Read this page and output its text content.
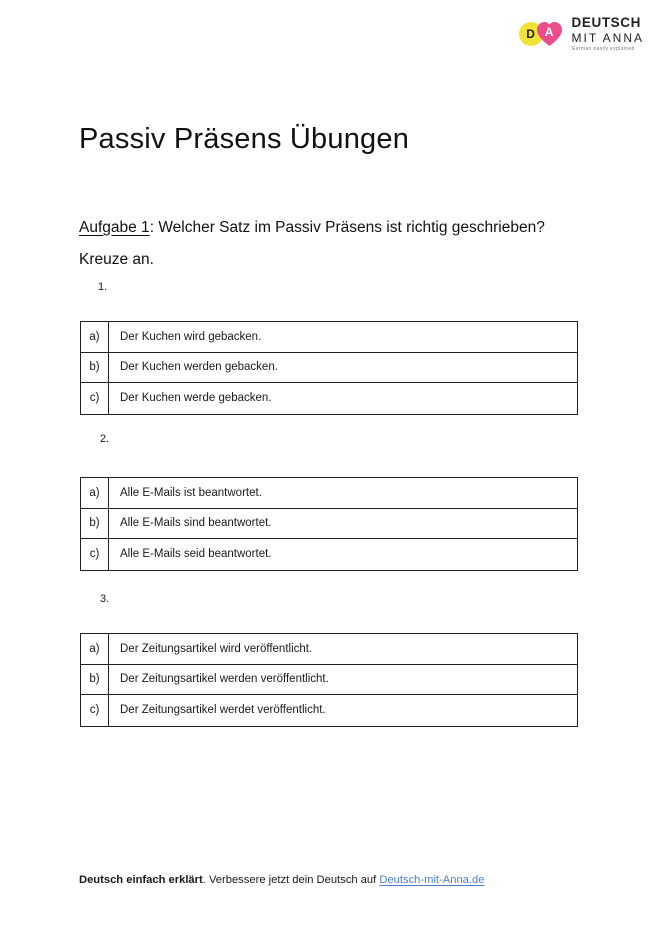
D A
DEUTSCH
MIT ANNA
German easily explained
Passiv Präsens Übungen

Aufgabe 1: Welcher Satz im Passiv Präsens ist richtig geschrieben? Kreuze an.

1.
a)	Der Kuchen wird gebacken.
b)	Der Kuchen werden gebacken.
c)	Der Kuchen werde gebacken.
2.
a)	Alle E-Mails ist beantwortet.
b)	Alle E-Mails sind beantwortet.
c)	Alle E-Mails seid beantwortet.
3.
a)	Der Zeitungsartikel wird veröffentlicht.
b)	Der Zeitungsartikel werden veröffentlicht.
c)	Der Zeitungsartikel werdet veröffentlicht.
Deutsch einfach erklärt. Verbessere jetzt dein Deutsch auf Deutsch-mit-Anna.de
